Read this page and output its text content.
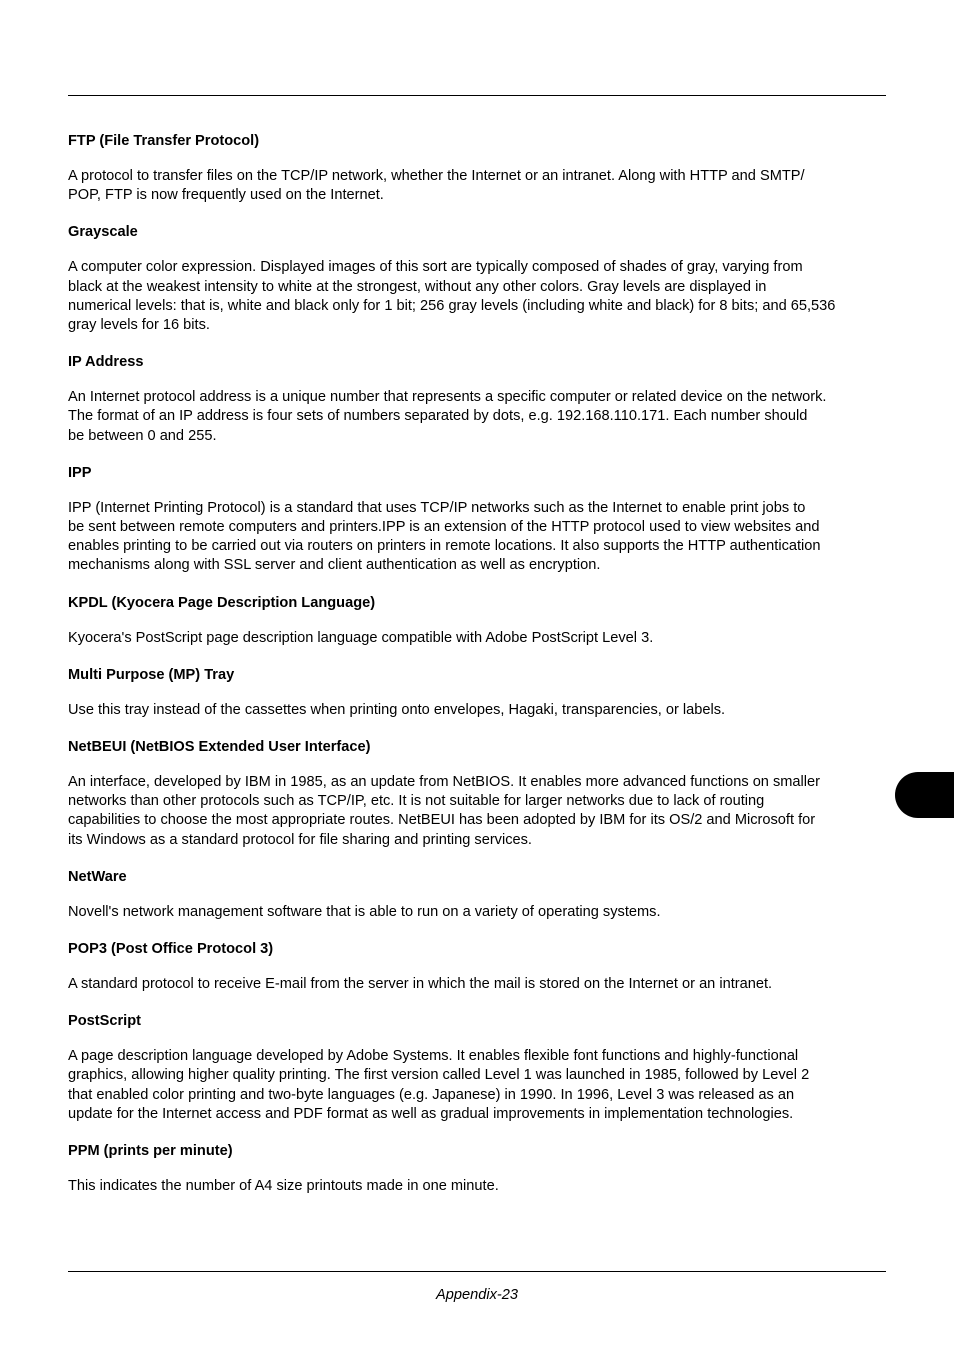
FTP (File Transfer Protocol)
A protocol to transfer files on the TCP/IP network, whether the Internet or an intranet. Along with HTTP and SMTP/
POP, FTP is now frequently used on the Internet.
Grayscale
A computer color expression. Displayed images of this sort are typically composed of shades of gray, varying from
black at the weakest intensity to white at the strongest, without any other colors. Gray levels are displayed in
numerical levels: that is, white and black only for 1 bit; 256 gray levels (including white and black) for 8 bits; and 65,536
gray levels for 16 bits.
IP Address
An Internet protocol address is a unique number that represents a specific computer or related device on the network.
The format of an IP address is four sets of numbers separated by dots, e.g. 192.168.110.171. Each number should
be between 0 and 255.
IPP
IPP (Internet Printing Protocol) is a standard that uses TCP/IP networks such as the Internet to enable print jobs to
be sent between remote computers and printers.IPP is an extension of the HTTP protocol used to view websites and
enables printing to be carried out via routers on printers in remote locations. It also supports the HTTP authentication
mechanisms along with SSL server and client authentication as well as encryption.
KPDL (Kyocera Page Description Language)
Kyocera's PostScript page description language compatible with Adobe PostScript Level 3.
Multi Purpose (MP) Tray
Use this tray instead of the cassettes when printing onto envelopes, Hagaki, transparencies, or labels.
NetBEUI (NetBIOS Extended User Interface)
An interface, developed by IBM in 1985, as an update from NetBIOS. It enables more advanced functions on smaller
networks than other protocols such as TCP/IP, etc. It is not suitable for larger networks due to lack of routing
capabilities to choose the most appropriate routes. NetBEUI has been adopted by IBM for its OS/2 and Microsoft for
its Windows as a standard protocol for file sharing and printing services.
NetWare
Novell's network management software that is able to run on a variety of operating systems.
POP3 (Post Office Protocol 3)
A standard protocol to receive E-mail from the server in which the mail is stored on the Internet or an intranet.
PostScript
A page description language developed by Adobe Systems. It enables flexible font functions and highly-functional
graphics, allowing higher quality printing. The first version called Level 1 was launched in 1985, followed by Level 2
that enabled color printing and two-byte languages (e.g. Japanese) in 1990. In 1996, Level 3 was released as an
update for the Internet access and PDF format as well as gradual improvements in implementation technologies.
PPM (prints per minute)
This indicates the number of A4 size printouts made in one minute.
Appendix-23
